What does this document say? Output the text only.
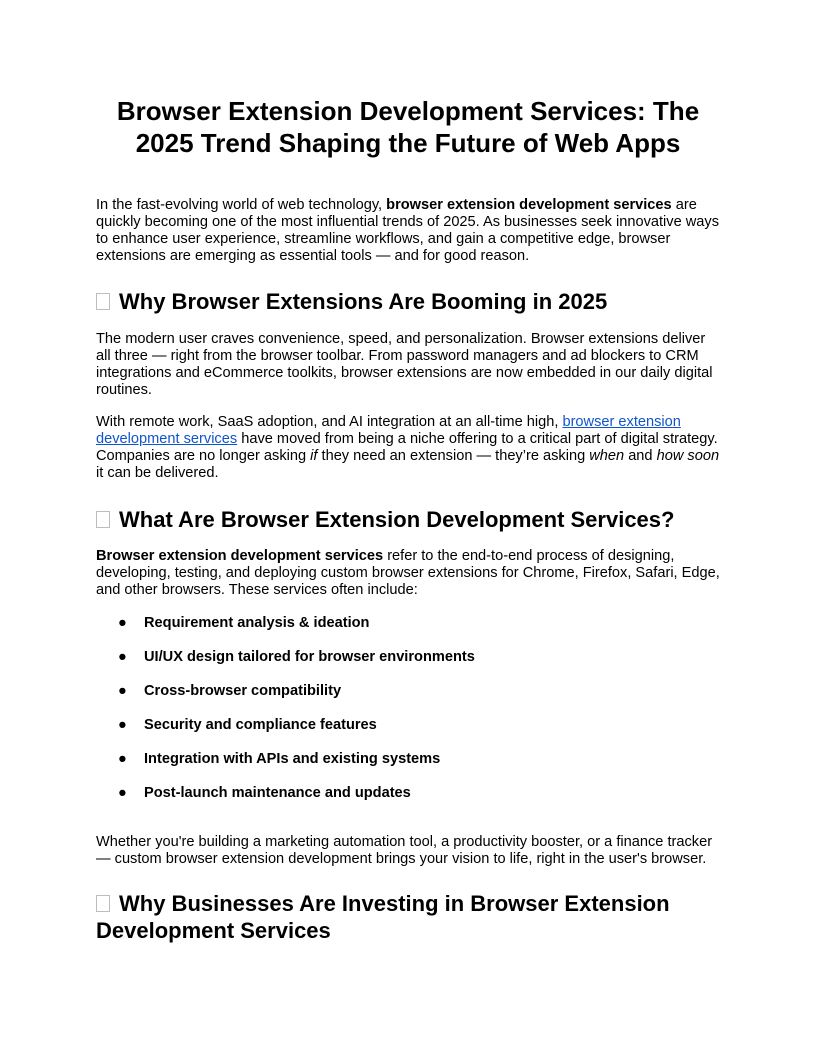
Browser Extension Development Services: The 2025 Trend Shaping the Future of Web Apps

In the fast-evolving world of web technology, browser extension development services are quickly becoming one of the most influential trends of 2025. As businesses seek innovative ways to enhance user experience, streamline workflows, and gain a competitive edge, browser extensions are emerging as essential tools — and for good reason.

Why Browser Extensions Are Booming in 2025

The modern user craves convenience, speed, and personalization. Browser extensions deliver all three — right from the browser toolbar. From password managers and ad blockers to CRM integrations and eCommerce toolkits, browser extensions are now embedded in our daily digital routines.

With remote work, SaaS adoption, and AI integration at an all-time high, browser extension development services have moved from being a niche offering to a critical part of digital strategy. Companies are no longer asking if they need an extension — they’re asking when and how soon it can be delivered.

What Are Browser Extension Development Services?

Browser extension development services refer to the end-to-end process of designing, developing, testing, and deploying custom browser extensions for Chrome, Firefox, Safari, Edge, and other browsers. These services often include:

● Requirement analysis & ideation
● UI/UX design tailored for browser environments
● Cross-browser compatibility
● Security and compliance features
● Integration with APIs and existing systems
● Post-launch maintenance and updates

Whether you're building a marketing automation tool, a productivity booster, or a finance tracker — custom browser extension development brings your vision to life, right in the user's browser.

Why Businesses Are Investing in Browser Extension Development Services
